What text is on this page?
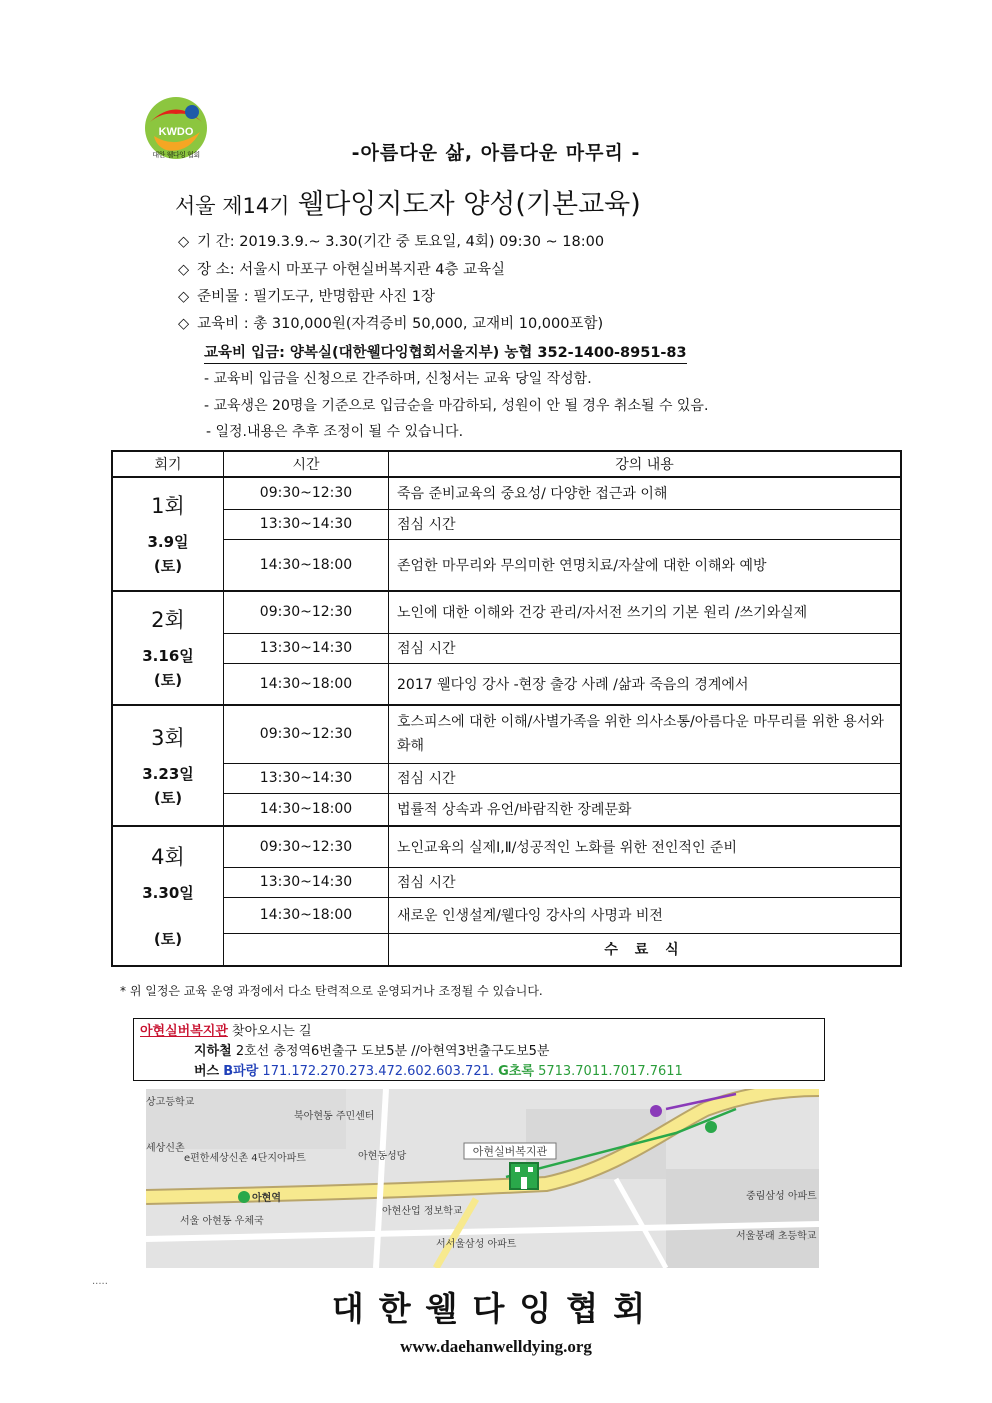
KWDO
대한 웰다잉 협회	-아름다운 삶, 아름다운 마무리 -
서울 제14기 웰다잉지도자 양성(기본교육)
◇ 기 간: 2019.3.9.~ 3.30(기간 중 토요일, 4회) 09:30 ~ 18:00
◇ 장 소: 서울시 마포구 아현실버복지관 4층 교육실
◇ 준비물 : 필기도구, 반명함판 사진 1장
◇ 교육비 : 총 310,000원(자격증비 50,000, 교재비 10,000포함)
교육비 입금: 양복실(대한웰다잉협회서울지부) 농협 352-1400-8951-83
- 교육비 입금을 신청으로 간주하며, 신청서는 교육 당일 작성함.
- 교육생은 20명을 기준으로 입금순을 마감하되, 성원이 안 될 경우 취소될 수 있음.
- 일정.내용은 추후 조정이 될 수 있습니다.
회기	시간	강의 내용

1회
3.9일
(토)	09:30~12:30	죽음 준비교육의 중요성/ 다양한 접근과 이해
	13:30~14:30	점심 시간
	14:30~18:00	존엄한 마무리와 무의미한 연명치료/자살에 대한 이해와 예방

2회
3.16일
(토)	09:30~12:30	노인에 대한 이해와 건강 관리/자서전 쓰기의 기본 원리 /쓰기와실제
	13:30~14:30	점심 시간
	14:30~18:00	2017 웰다잉 강사 -현장 출강 사례 /삶과 죽음의 경계에서

3회
3.23일
(토)	09:30~12:30	호스피스에 대한 이해/사별가족을 위한 의사소통/아름다운 마무리를 위한 용서와 화해
	13:30~14:30	점심 시간
	14:30~18:00	법률적 상속과 유언/바람직한 장례문화

4회
3.30일
(토)	09:30~12:30	노인교육의 실제Ⅰ,Ⅱ/성공적인 노화를 위한 전인적인 준비
	13:30~14:30	점심 시간
	14:30~18:00	새로운 인생설계/웰다잉 강사의 사명과 비전
		수 료 식
* 위 일정은 교육 운영 과정에서 다소 탄력적으로 운영되거나 조정될 수 있습니다.
아현실버복지관 찾아오시는 길
지하철 2호선 충정역6번출구 도보5분 //아현역3번출구도보5분
버스 B파랑 171.172.270.273.472.602.603.721. G초록 5713.7011.7017.7611
아현실버복지관
북아현동 주민센터
e편한세상신촌 4단지아파트	아현동성당
아현역
서울 아현동 우체국
아현산업 정보학교
서서울삼성 아파트
중림삼성 아파트
서울봉래 초등학교
상고등학교
세상신촌
.....
대한웰다잉협회
www.daehanwelldying.org
